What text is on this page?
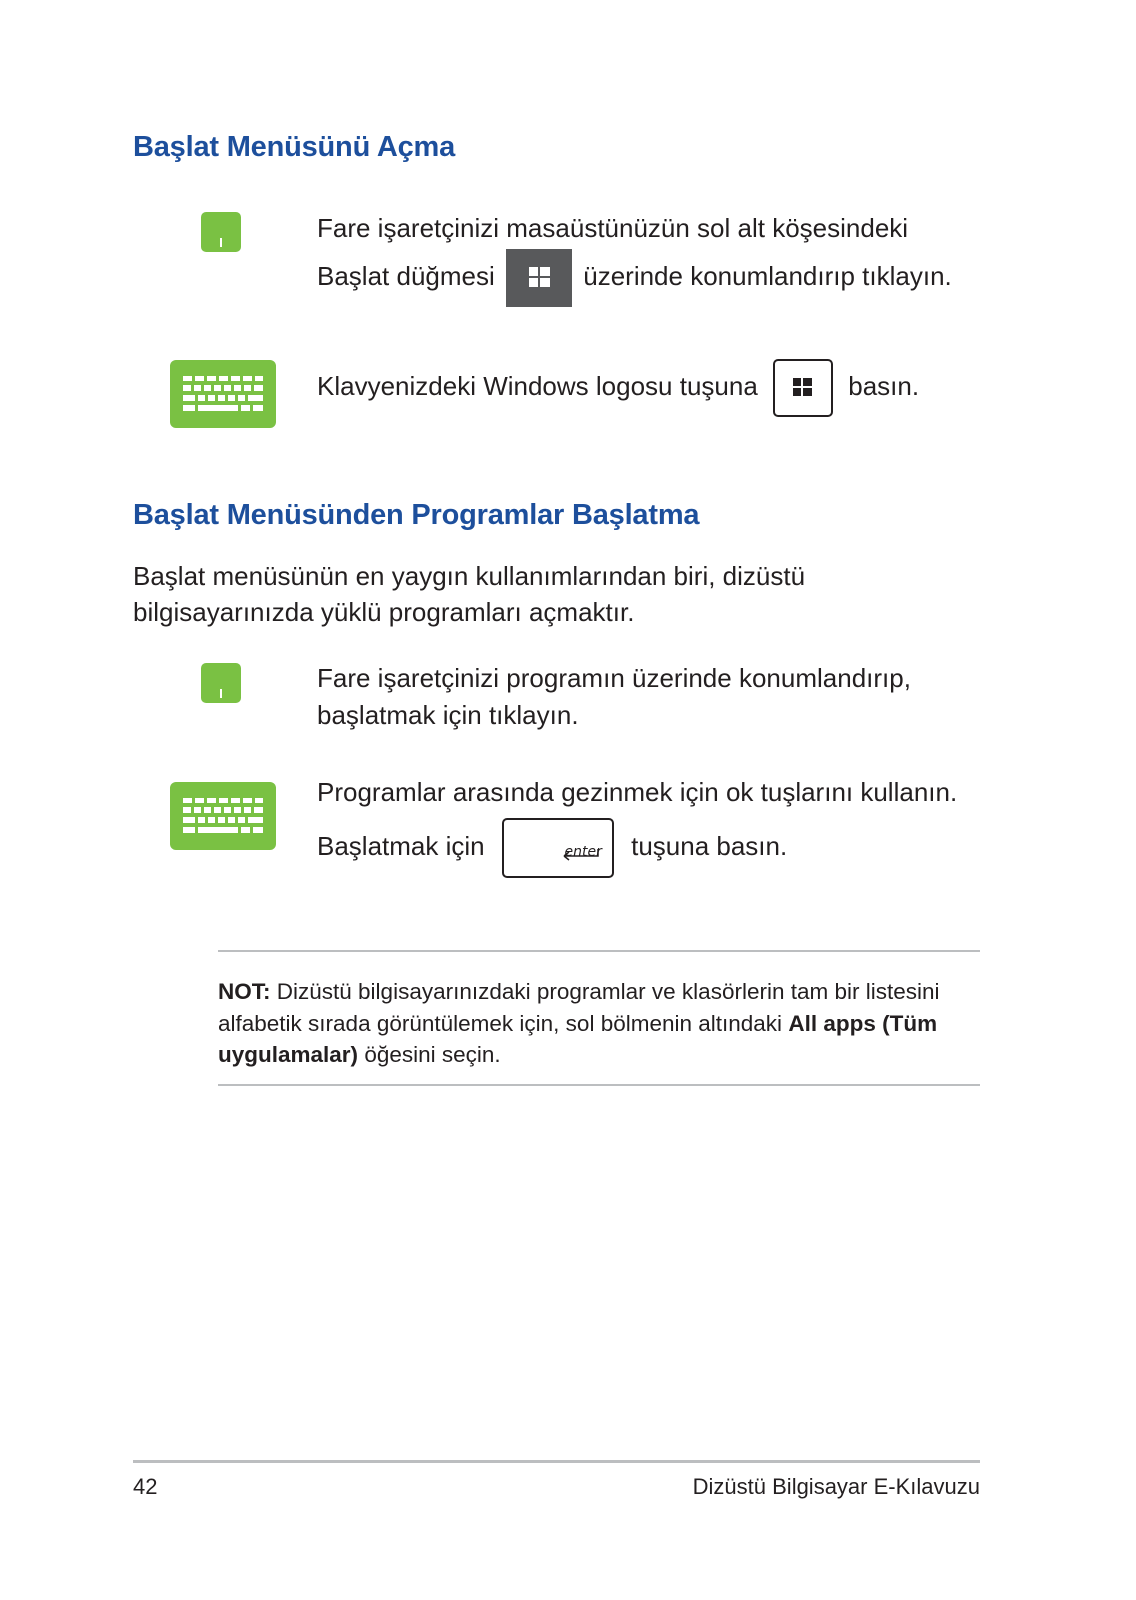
Başlat Menüsünü Açma
Fare işaretçinizi masaüstünüzün sol alt köşesindeki
Başlat düğmesi	üzerinde konumlandırıp tıklayın.
Klavyenizdeki Windows logosu tuşuna	basın.
Başlat Menüsünden Programlar Başlatma
Başlat menüsünün en yaygın kullanımlarından biri, dizüstü
bilgisayarınızda yüklü programları açmaktır.
Fare işaretçinizi programın üzerinde konumlandırıp,
başlatmak için tıklayın.
Programlar arasında gezinmek için ok tuşlarını kullanın.
Başlatmak için	enter tuşuna basın.
NOT: Dizüstü bilgisayarınızdaki programlar ve klasörlerin tam bir listesini
alfabetik sırada görüntülemek için, sol bölmenin altındaki All apps (Tüm
uygulamalar) öğesini seçin.
42	Dizüstü Bilgisayar E-Kılavuzu
